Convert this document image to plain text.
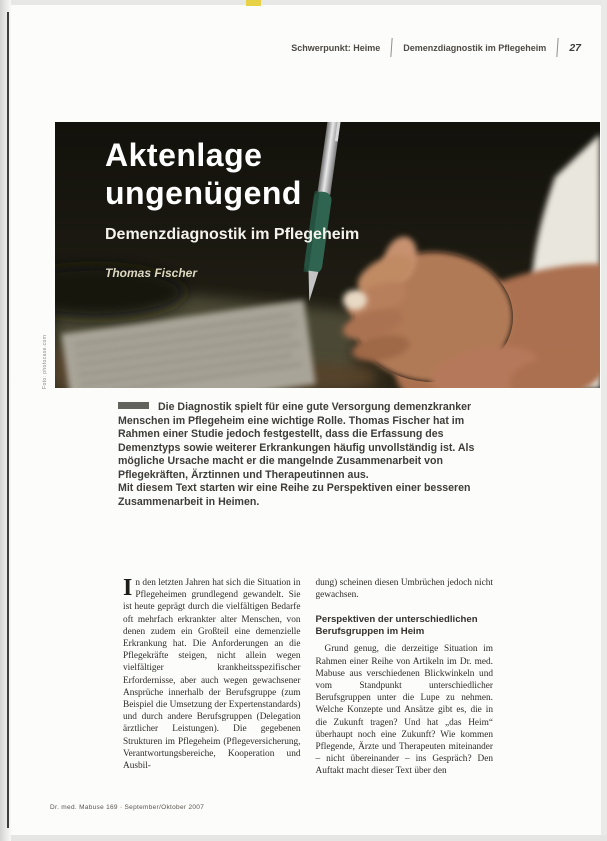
Schwerpunkt: Heime	Demenzdiagnostik im Pflegeheim 27
Aktenlage
ungenügend
Demenzdiagnostik im Pflegeheim
Thomas Fischer
Foto: photocase.com

Die Diagnostik spielt für eine gute Versorgung demenzkranker Menschen im Pflegeheim eine wichtige Rolle. Thomas Fischer hat im Rahmen einer Studie jedoch festgestellt, dass die Erfassung des Demenztyps sowie weiterer Erkrankungen häufig unvollständig ist. Als mögliche Ursache macht er die mangelnde Zusammenarbeit von Pflegekräften, Ärztinnen und Therapeutinnen aus.

Mit diesem Text starten wir eine Reihe zu Perspektiven einer besseren Zusammenarbeit in Heimen.

In den letzten Jahren hat sich die Situation in Pflegeheimen grundlegend gewandelt. Sie ist heute geprägt durch die vielfältigen Bedarfe oft mehrfach erkrankter alter Menschen, von denen zudem ein Großteil eine demenzielle Erkrankung hat. Die Anforderungen an die Pflegekräfte steigen, nicht allein wegen vielfältiger krankheitsspezifischer Erfordernisse, aber auch wegen gewachsener Ansprüche innerhalb der Berufsgruppe (zum Beispiel die Umsetzung der Expertenstandards) und durch andere Berufsgruppen (Delegation ärztlicher Leistungen). Die gegebenen Strukturen im Pflegeheim (Pflegeversicherung, Verantwortungsbereiche, Kooperation und Ausbil-

dung) scheinen diesen Umbrüchen jedoch nicht gewachsen.

Perspektiven der unterschiedlichen Berufsgruppen im Heim

Grund genug, die derzeitige Situation im Rahmen einer Reihe von Artikeln im Dr. med. Mabuse aus verschiedenen Blickwinkeln und vom Standpunkt unterschiedlicher Berufsgruppen unter die Lupe zu nehmen. Welche Konzepte und Ansätze gibt es, die in die Zukunft tragen? Und hat „das Heim“ überhaupt noch eine Zukunft? Wie kommen Pflegende, Ärzte und Therapeuten miteinander – nicht übereinander – ins Gespräch? Den Auftakt macht dieser Text über den

Dr. med. Mabuse 169 · September/Oktober 2007
